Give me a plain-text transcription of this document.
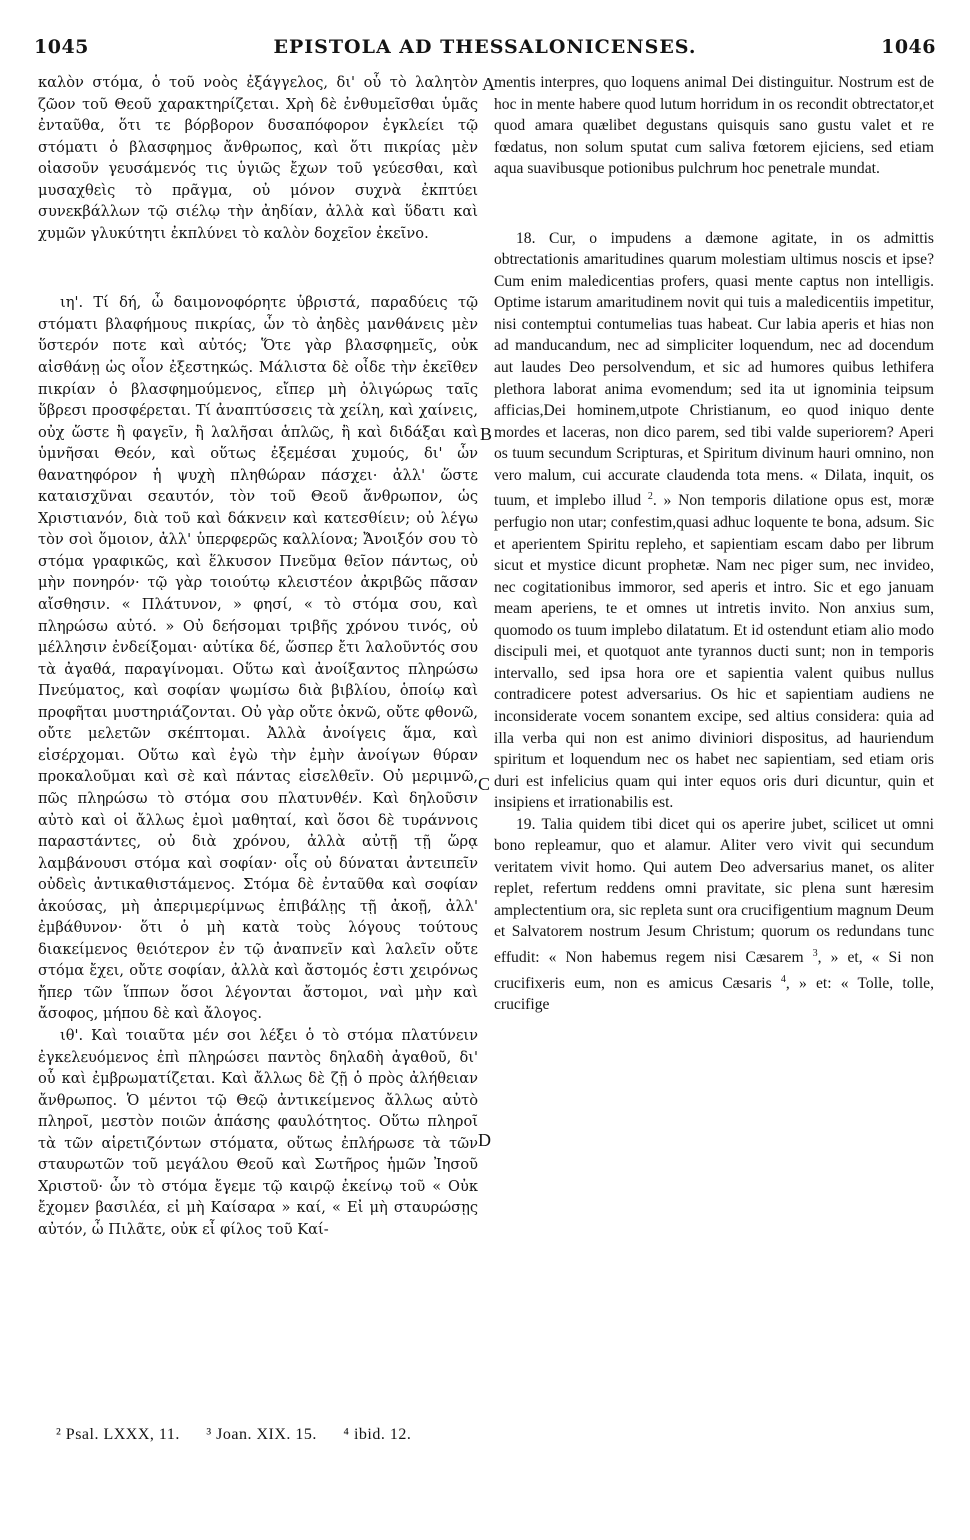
1045	EPISTOLA AD THESSALONICENSES.	1046

καλὸν στόμα, ὁ τοῦ νοὸς ἐξάγγελος, δι' οὗ τὸ λαλητὸν ζῶον τοῦ Θεοῦ χαρακτηρίζεται. Χρὴ δὲ ἐνθυμεῖσθαι ὑμᾶς ἐνταῦθα, ὅτι τε βόρβορον δυσαπόφορον ἐγκλείει τῷ στόματι ὁ βλασφημος ἄνθρωπος, καὶ ὅτι πικρίας μὲν οἱασοῦν γευσάμενός τις ὑγιῶς ἔχων τοῦ γεύεσθαι, καὶ μυσαχθεὶς τὸ πρᾶγμα, οὐ μόνον συχνὰ ἐκπτύει συνεκβάλλων τῷ σιέλῳ τὴν ἀηδίαν, ἀλλὰ καὶ ὕδατι καὶ χυμῶν γλυκύτητι ἐκπλύνει τὸ καλὸν δοχεῖον ἐκεῖνο.

ιη'. Τί δή, ὦ δαιμονοφόρητε ὑβριστά, παραδύεις τῷ στόματι βλαφήμους πικρίας, ὧν τὸ ἀηδὲς μανθάνεις μὲν ὕστερόν ποτε καὶ αὐτός; Ὅτε γὰρ βλασφημεῖς, οὐκ αἰσθάνῃ ὡς οἷον ἐξεστηκώς. Μάλιστα δὲ οἶδε τὴν ἐκεῖθεν πικρίαν ὁ βλασφημούμενος, εἴπερ μὴ ὀλιγώρως ταῖς ὕβρεσι προσφέρεται. Τί ἀναπτύσσεις τὰ χείλη, καὶ χαίνεις, οὐχ ὥστε ἢ φαγεῖν, ἢ λαλῆσαι ἁπλῶς, ἢ καὶ διδάξαι καὶ ὑμνῆσαι Θεόν, καὶ οὕτως ἐξεμέσαι χυμούς, δι' ὧν θανατηφόρον ἡ ψυχὴ πληθώραν πάσχει· ἀλλ' ὥστε καταισχῦναι σεαυτόν, τὸν τοῦ Θεοῦ ἄνθρωπον, ὡς Χριστιανόν, διὰ τοῦ καὶ δάκνειν καὶ κατεσθίειν; οὐ λέγω τὸν σοὶ ὅμοιον, ἀλλ' ὑπερφερῶς καλλίονα; Ἄνοιξόν σου τὸ στόμα γραφικῶς, καὶ ἕλκυσον Πνεῦμα θεῖον πάντως, οὐ μὴν πονηρόν· τῷ γὰρ τοιούτῳ κλειστέον ἀκριβῶς πᾶσαν αἴσθησιν. « Πλάτυνον, » φησί, « τὸ στόμα σου, καὶ πληρώσω αὐτό. » Οὐ δεήσομαι τριβῆς χρόνου τινός, οὐ μέλλησιν ἐνδείξομαι· αὐτίκα δέ, ὥσπερ ἔτι λαλοῦντός σου τὰ ἀγαθά, παραγίνομαι. Οὕτω καὶ ἀνοίξαντος πληρώσω Πνεύματος, καὶ σοφίαν ψωμίσω διὰ βιβλίου, ὁποίῳ καὶ προφῆται μυστηριάζονται. Οὐ γὰρ οὔτε ὀκνῶ, οὔτε φθονῶ, οὔτε μελετῶν σκέπτομαι. Ἀλλὰ ἀνοίγεις ἅμα, καὶ εἰσέρχομαι. Οὕτω καὶ ἐγὼ τὴν ἐμὴν ἀνοίγων θύραν προκαλοῦμαι καὶ σὲ καὶ πάντας εἰσελθεῖν. Οὐ μεριμνῶ, πῶς πληρώσω τὸ στόμα σου πλατυνθέν. Καὶ δηλοῦσιν αὐτὸ καὶ οἱ ἄλλως ἐμοὶ μαθηταί, καὶ ὅσοι δὲ τυράννοις παραστάντες, οὐ διὰ χρόνου, ἀλλὰ αὐτῇ τῇ ὥρᾳ λαμβάνουσι στόμα καὶ σοφίαν· οἷς οὐ δύναται ἀντειπεῖν οὐδεὶς ἀντικαθιστάμενος. Στόμα δὲ ἐνταῦθα καὶ σοφίαν ἀκούσας, μὴ ἀπεριμερίμνως ἐπιβάλῃς τῇ ἀκοῇ, ἀλλ' ἐμβάθυνον· ὅτι ὁ μὴ κατὰ τοὺς λόγους τούτους διακείμενος θειότερον ἐν τῷ ἀναπνεῖν καὶ λαλεῖν οὔτε στόμα ἔχει, οὔτε σοφίαν, ἀλλὰ καὶ ἄστομός ἐστι χειρόνως ἤπερ τῶν ἵππων ὅσοι λέγονται ἄστομοι, ναὶ μὴν καὶ ἄσοφος, μήπου δὲ καὶ ἄλογος.

ιθ'. Καὶ τοιαῦτα μέν σοι λέξει ὁ τὸ στόμα πλατύνειν ἐγκελευόμενος ἐπὶ πληρώσει παντὸς δηλαδὴ ἀγαθοῦ, δι' οὗ καὶ ἐμβρωματίζεται. Καὶ ἄλλως δὲ ζῇ ὁ πρὸς ἀλήθειαν ἄνθρωπος. Ὁ μέντοι τῷ Θεῷ ἀντικείμενος ἄλλως αὐτὸ πληροῖ, μεστὸν ποιῶν ἁπάσης φαυλότητος. Οὕτω πληροῖ τὰ τῶν αἱρετιζόντων στόματα, οὕτως ἐπλήρωσε τὰ τῶν σταυρωτῶν τοῦ μεγάλου Θεοῦ καὶ Σωτῆρος ἡμῶν Ἰησοῦ Χριστοῦ· ὧν τὸ στόμα ἔγεμε τῷ καιρῷ ἐκείνῳ τοῦ « Οὐκ ἔχομεν βασιλέα, εἰ μὴ Καίσαρα » καί, « Εἰ μὴ σταυρώσῃς αὐτόν, ὦ Πιλᾶτε, οὐκ εἶ φίλος τοῦ Καί-

A
B
C
D

mentis interpres, quo loquens animal Dei distinguitur. Nostrum est de hoc in mente habere quod lutum horridum in os recondit obtrectator,et quod amara quælibet degustans quisquis sano gustu valet et re fœdatus, non solum sputat cum saliva fœtorem ejiciens, sed etiam aqua suavibusque potionibus pulchrum hoc penetrale mundat.

18. Cur, o impudens a dæmone agitate, in os admittis obtrectationis amaritudines quarum molestiam ultimus noscis et ipse? Cum enim maledicentias profers, quasi mente captus non intelligis. Optime istarum amaritudinem novit qui tuis a maledicentiis impetitur, nisi contemptui contumelias tuas habeat. Cur labia aperis et hias non ad manducandum, nec ad simpliciter loquendum, nec ad docendum aut laudes Deo persolvendum, et sic ad humores quibus lethifera plethora laborat anima evomendum; sed ita ut ignominia teipsum afficias,Dei hominem,utpote Christianum, eo quod iniquo dente mordes et laceras, non dico parem, sed tibi valde superiorem? Aperi os tuum secundum Scripturas, et Spiritum divinum hauri omnino, non vero malum, cui accurate claudenda tota mens. « Dilata, inquit, os tuum, et implebo illud $^2$. » Non temporis dilatione opus est, moræ perfugio non utar; confestim,quasi adhuc loquente te bona, adsum. Sic et aperientem Spiritu repleho, et sapientiam escam dabo per librum sicut et mystice dicunt prophetæ. Nam nec piger sum, nec invideo, nec cogitationibus immoror, sed aperis et intro. Sic et ego januam meam aperiens, te et omnes ut intretis invito. Non anxius sum, quomodo os tuum implebo dilatatum. Et id ostendunt etiam alio modo discipuli mei, et quotquot ante tyrannos ducti sunt; non in temporis intervallo, sed ipsa hora ore et sapientia valent quibus nullus contradicere potest adversarius. Os hic et sapientiam audiens ne inconsiderate vocem sonantem excipe, sed altius considera: quia ad illa verba qui non est animo diviniori dispositus, ad hauriendum spiritum et loquendum nec os habet nec sapientiam, sed etiam oris duri est infelicius quam qui inter equos oris duri dicuntur, quin et insipiens et irrationabilis est.

19. Talia quidem tibi dicet qui os aperire jubet, scilicet ut omni bono repleamur, quo et alamur. Aliter vero vivit qui secundum veritatem vivit homo. Qui autem Deo adversarius manet, os aliter replet, refertum reddens omni pravitate, sic plena sunt hæresim amplectentium ora, sic repleta sunt ora crucifigentium magnum Deum et Salvatorem nostrum Jesum Christum; quorum os redundans tunc effudit: « Non habemus regem nisi Cæsarem $^3$, » et, « Si non crucifixeris eum, non es amicus Cæsaris $^4$, » et: « Tolle, tolle, crucifige

² Psal. LXXX, 11. ³ Joan. XIX. 15. ⁴ ibid. 12.
